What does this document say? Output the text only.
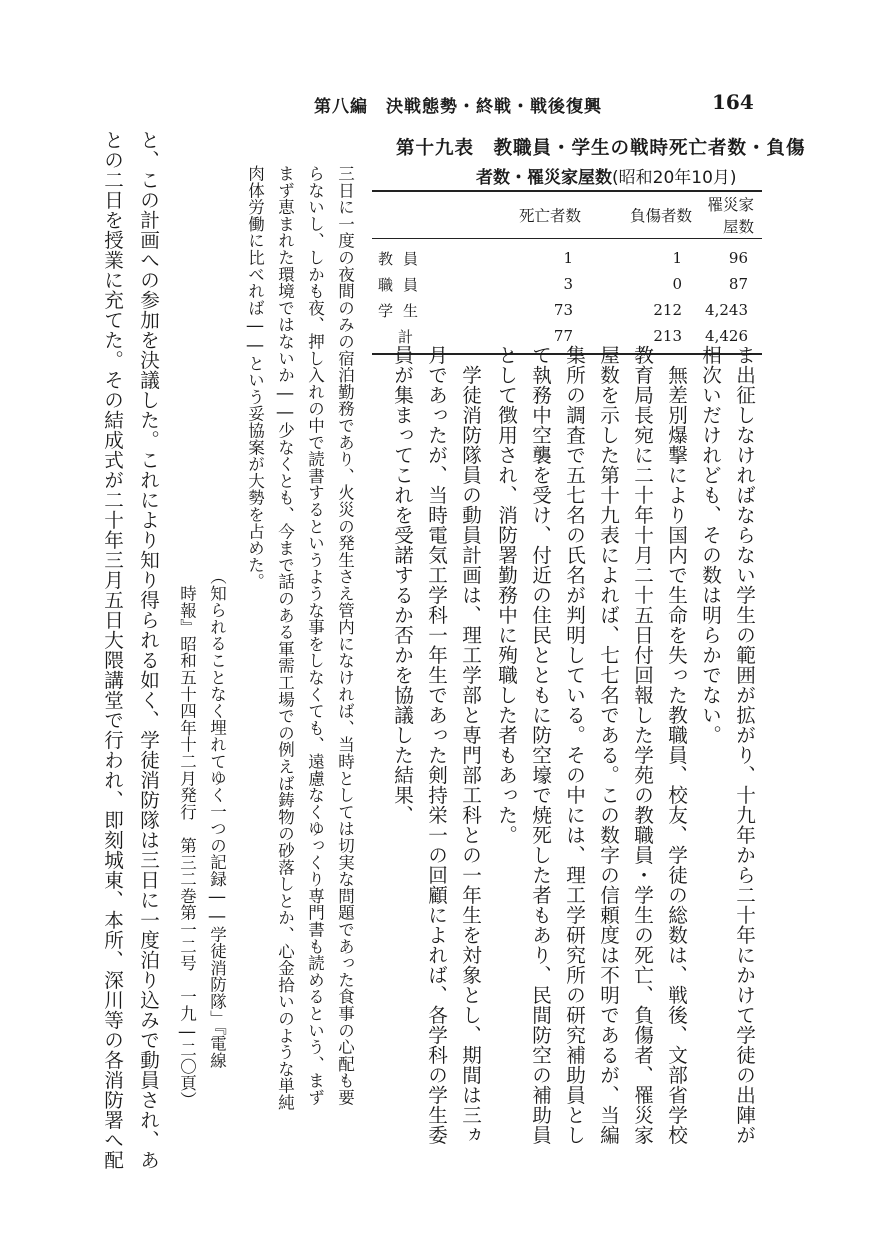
第八編　決戦態勢・終戦・戦後復興	164
第十九表　教職員・学生の戦時死亡者数・負傷
者数・罹災家屋数(昭和20年10月)
	死亡者数	負傷者数	罹災家屋数
教員	1	1	96
職員	3	0	87
学生	73	212	4,243
計	77	213	4,426

ま出征しなければならない学生の範囲が拡がり、十九年から二十年にかけて学徒の出陣が

相次いだけれども、その数は明らかでない。

　無差別爆撃により国内で生命を失った教職員、校友、学徒の総数は、戦後、文部省学校

教育局長宛に二十年十月二十五日付回報した学苑の教職員・学生の死亡、負傷者、罹災家

屋数を示した第十九表によれば、七七名である。この数字の信頼度は不明であるが、当編

集所の調査で五七名の氏名が判明している。その中には、理工学研究所の研究補助員とし

て執務中空襲を受け、付近の住民とともに防空壕で焼死した者もあり、民間防空の補助員

として徴用され、消防署勤務中に殉職した者もあった。

　学徒消防隊員の動員計画は、理工学部と専門部工科との一年生を対象とし、期間は三ヵ

月であったが、当時電気工学科一年生であった剣持栄一の回顧によれば、各学科の学生委

員が集まってこれを受諾するか否かを協議した結果、

三日に一度の夜間のみの宿泊勤務であり、火災の発生さえ管内になければ、当時としては切実な問題であった食事の心配も要

らないし、しかも夜、押し入れの中で読書するというような事をしなくても、遠慮なくゆっくり専門書も読めるという、まず

まず恵まれた環境ではないか――少なくとも、今まで話のある軍需工場での例えば鋳物の砂落しとか、心金拾いのような単純

肉体労働に比べれば――という妥協案が大勢を占めた。

（知られることなく埋れてゆく一つの記録――学徒消防隊」『電線

時報』昭和五十四年十二月発行　第三二巻第一二号　一九―二〇頁）

と、この計画への参加を決議した。これにより知り得られる如く、学徒消防隊は三日に一度泊り込みで動員され、あ

との二日を授業に充てた。その結成式が二十年三月五日大隈講堂で行われ、即刻城東、本所、深川等の各消防署へ配
